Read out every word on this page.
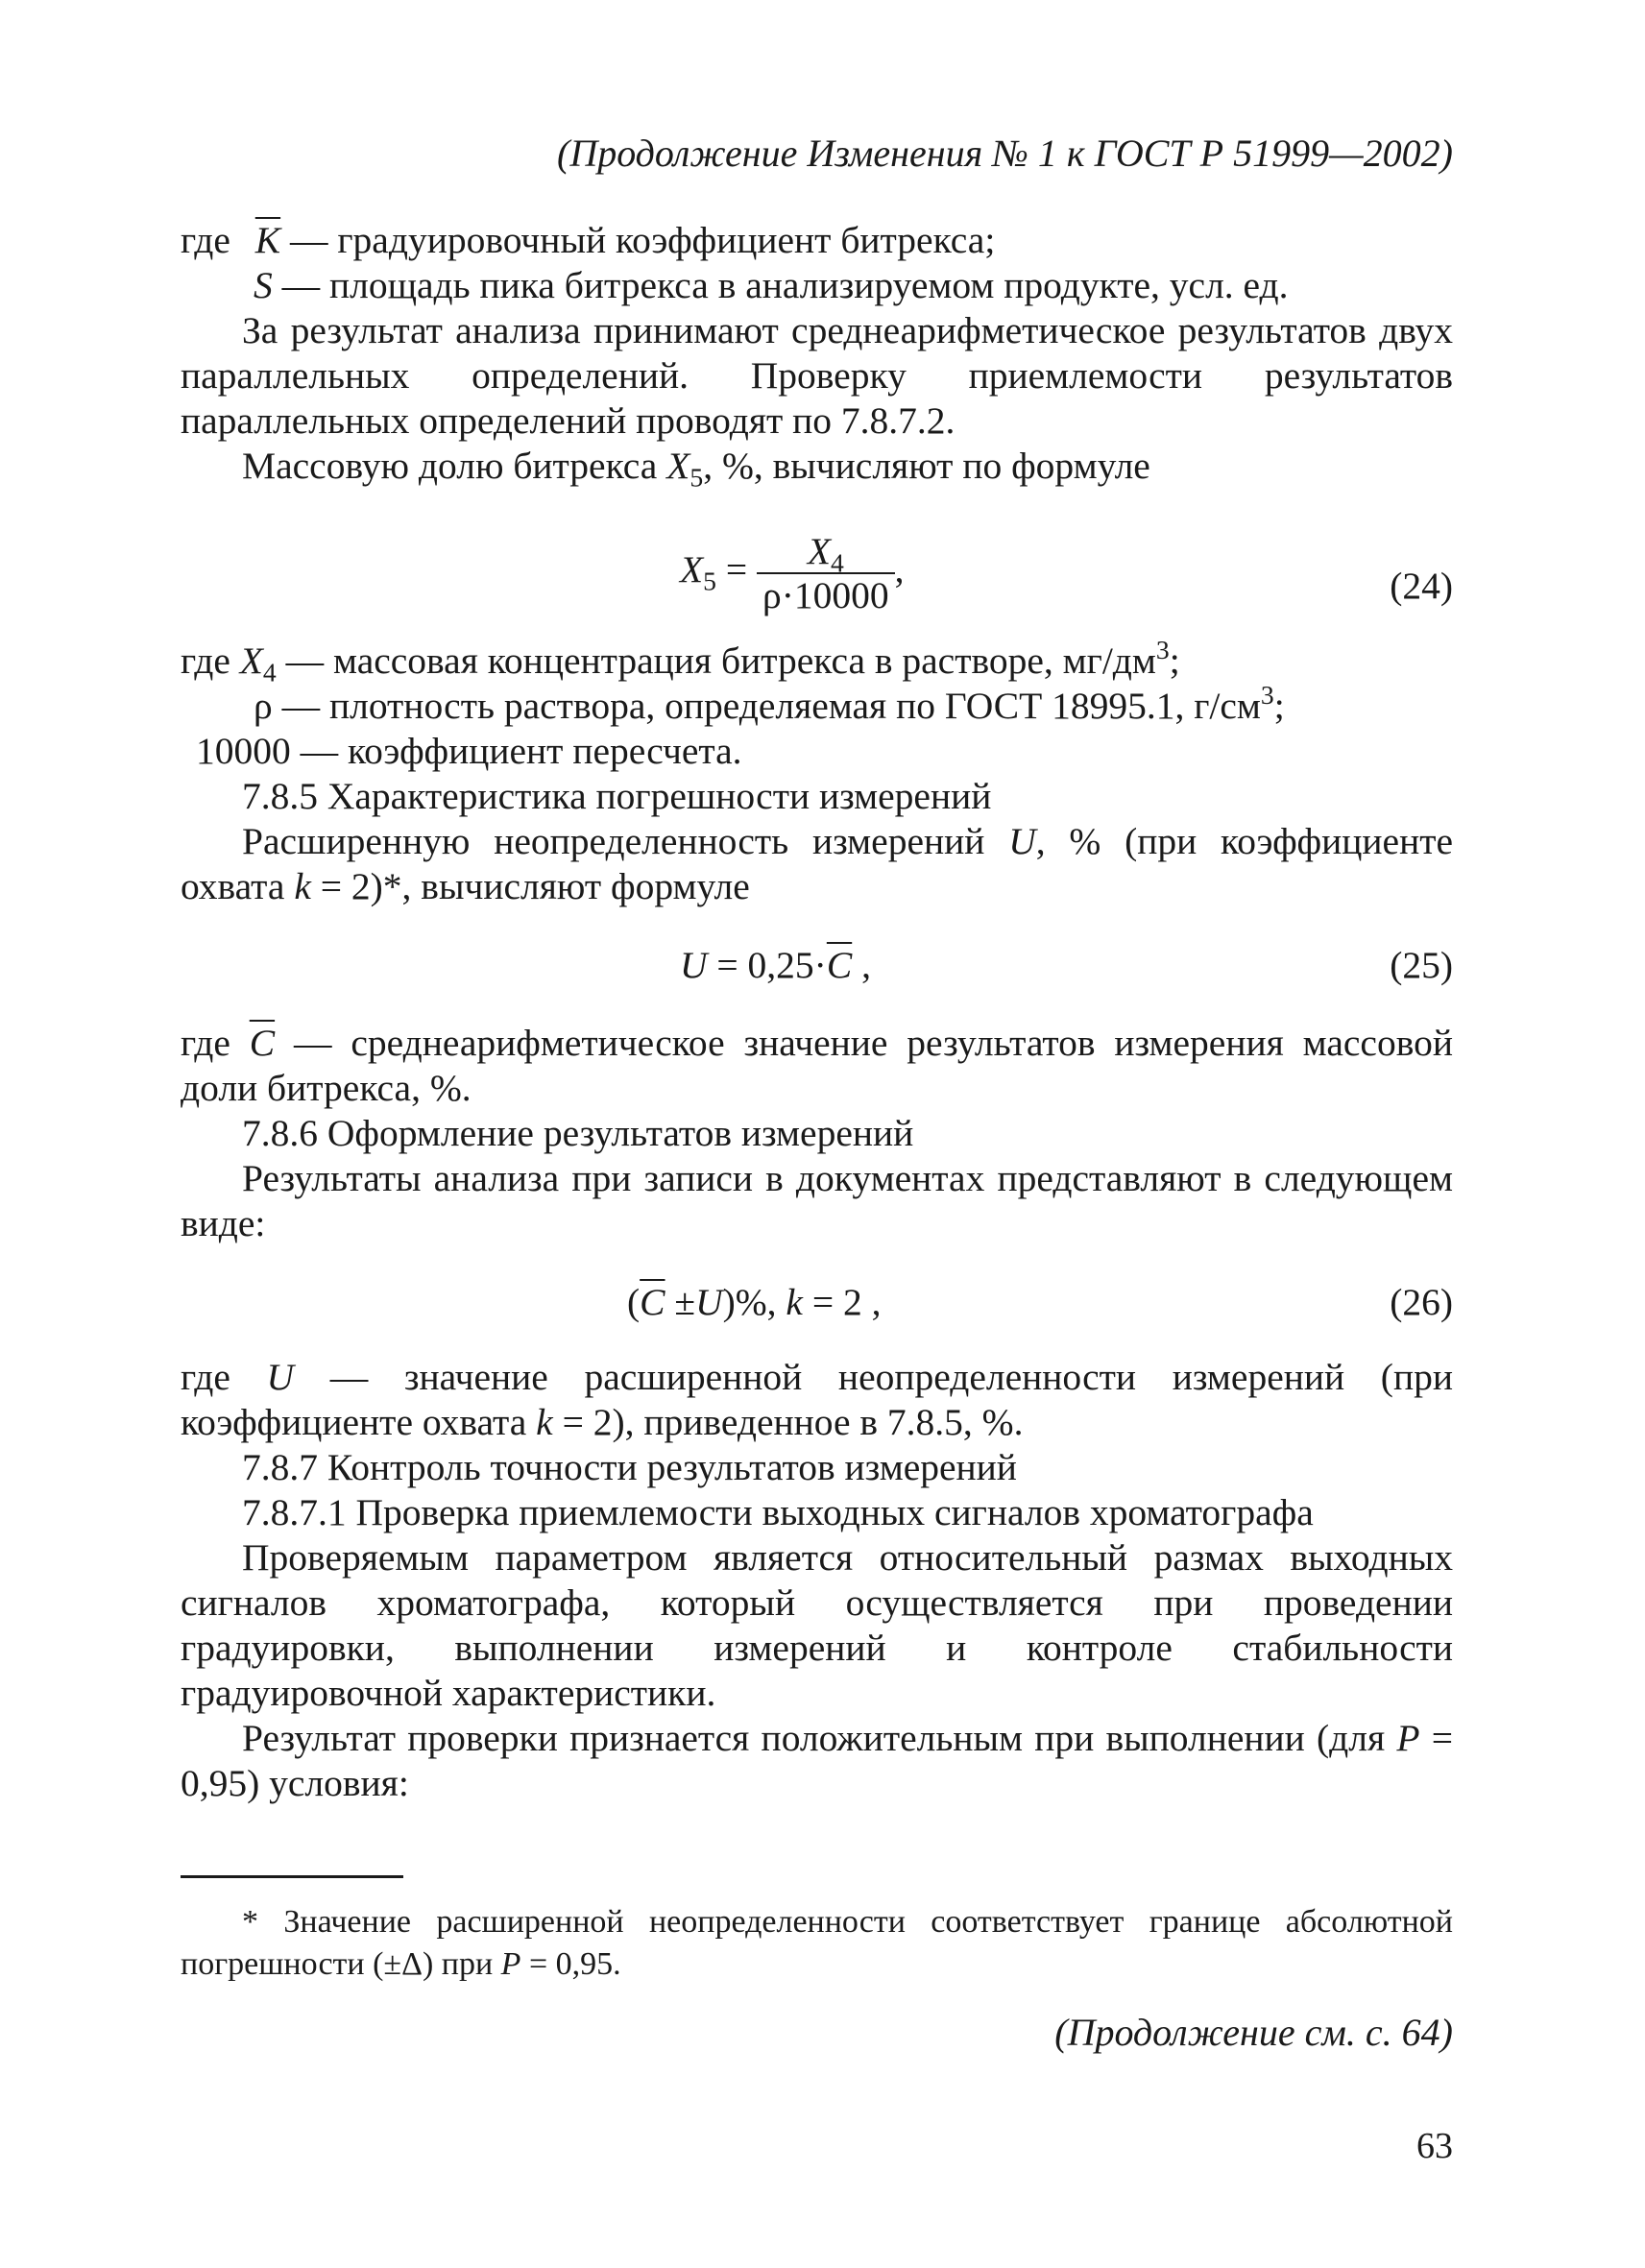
(Продолжение Изменения № 1 к ГОСТ Р 51999—2002)
где $\overline{K}$ — градуировочный коэффициент битрекса;
S — площадь пика битрекса в анализируемом продукте, усл. ед.
За результат анализа принимают среднеарифметическое результатов двух параллельных определений. Проверку приемлемости результатов параллельных определений проводят по 7.8.7.2.
Массовую долю битрекса $X_5$, %, вычисляют по формуле
$X_5 = \frac{X_4}{\rho\cdot 10000}$ ,	(24)
где $X_4$ — массовая концентрация битрекса в растворе, $мг/дм^3$;
ρ — плотность раствора, определяемая по ГОСТ 18995.1, $г/см^3$;
10000 — коэффициент пересчета.
7.8.5 Характеристика погрешности измерений
Расширенную неопределенность измерений U, % (при коэффициенте охвата k = 2)*, вычисляют формуле
$U = 0,25\cdot\overline{C}$ ,	(25)
где $\overline{C}$ — среднеарифметическое значение результатов измерения массовой доли битрекса, %.
7.8.6 Оформление результатов измерений
Результаты анализа при записи в документах представляют в следующем виде:
$(\overline{C} \pm U)\%$, k = 2 ,	(26)
где U — значение расширенной неопределенности измерений (при коэффициенте охвата k = 2), приведенное в 7.8.5, %.
7.8.7 Контроль точности результатов измерений
7.8.7.1 Проверка приемлемости выходных сигналов хроматографа
Проверяемым параметром является относительный размах выходных сигналов хроматографа, который осуществляется при проведении градуировки, выполнении измерений и контроле стабильности градуировочной характеристики.
Результат проверки признается положительным при выполнении (для P = 0,95) условия:
* Значение расширенной неопределенности соответствует границе абсолютной погрешности (±Δ) при P = 0,95.
(Продолжение см. с. 64)
63
